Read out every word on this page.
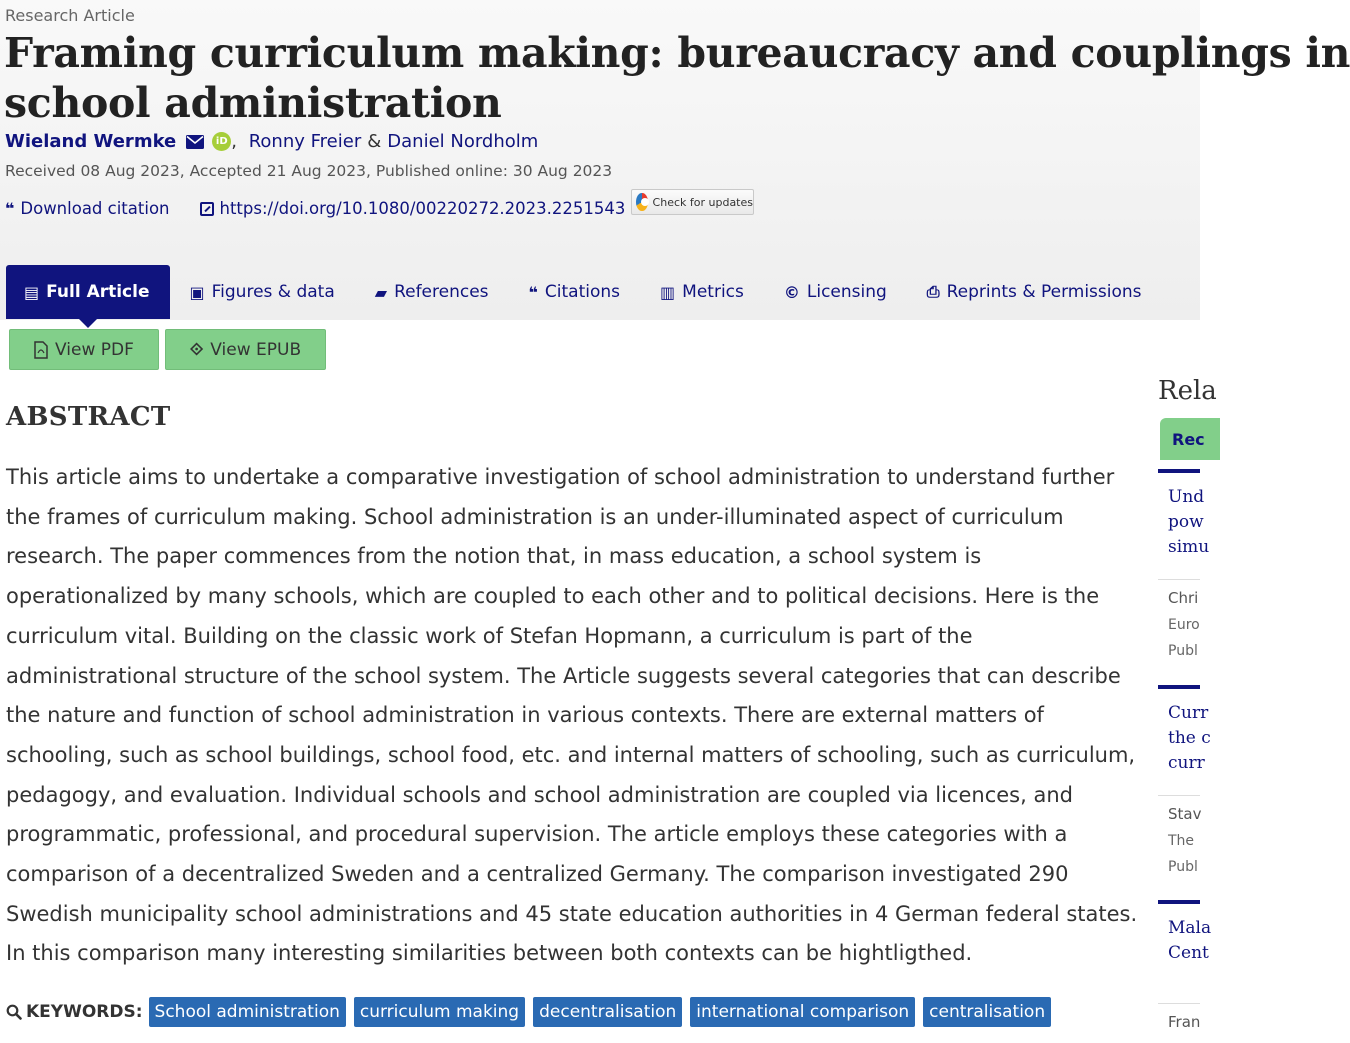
Research Article
Framing curriculum making: bureaucracy and couplings in
school administration
Wieland Wermke	iD , Ronny Freier & Daniel Nordholm
Received 08 Aug 2023, Accepted 21 Aug 2023, Published online: 30 Aug 2023
❝ Download citation	https://doi.org/10.1080/00220272.2023.2251543 Check for updates
▤ Full Article	▣ Figures & data	▰ References	❝ Citations	▥ Metrics	© Licensing	⎙ Reprints & Permissions
View PDF	⟐ View EPUB
ABSTRACT
This article aims to undertake a comparative investigation of school administration to understand further
the frames of curriculum making. School administration is an under-illuminated aspect of curriculum
research. The paper commences from the notion that, in mass education, a school system is
operationalized by many schools, which are coupled to each other and to political decisions. Here is the
curriculum vital. Building on the classic work of Stefan Hopmann, a curriculum is part of the
administrational structure of the school system. The Article suggests several categories that can describe
the nature and function of school administration in various contexts. There are external matters of
schooling, such as school buildings, school food, etc. and internal matters of schooling, such as curriculum,
pedagogy, and evaluation. Individual schools and school administration are coupled via licences, and
programmatic, professional, and procedural supervision. The article employs these categories with a
comparison of a decentralized Sweden and a centralized Germany. The comparison investigated 290
Swedish municipality school administrations and 45 state education authorities in 4 German federal states.
In this comparison many interesting similarities between both contexts can be hightligthed.
KEYWORDS: School administration	curriculum making	decentralisation	international comparison	centralisation
Rela
Rec
Und
pow
simu
Chri
Euro
Publ
Curr
the c
curr
Stav
The
Publ
Mala
Cent
Fran
